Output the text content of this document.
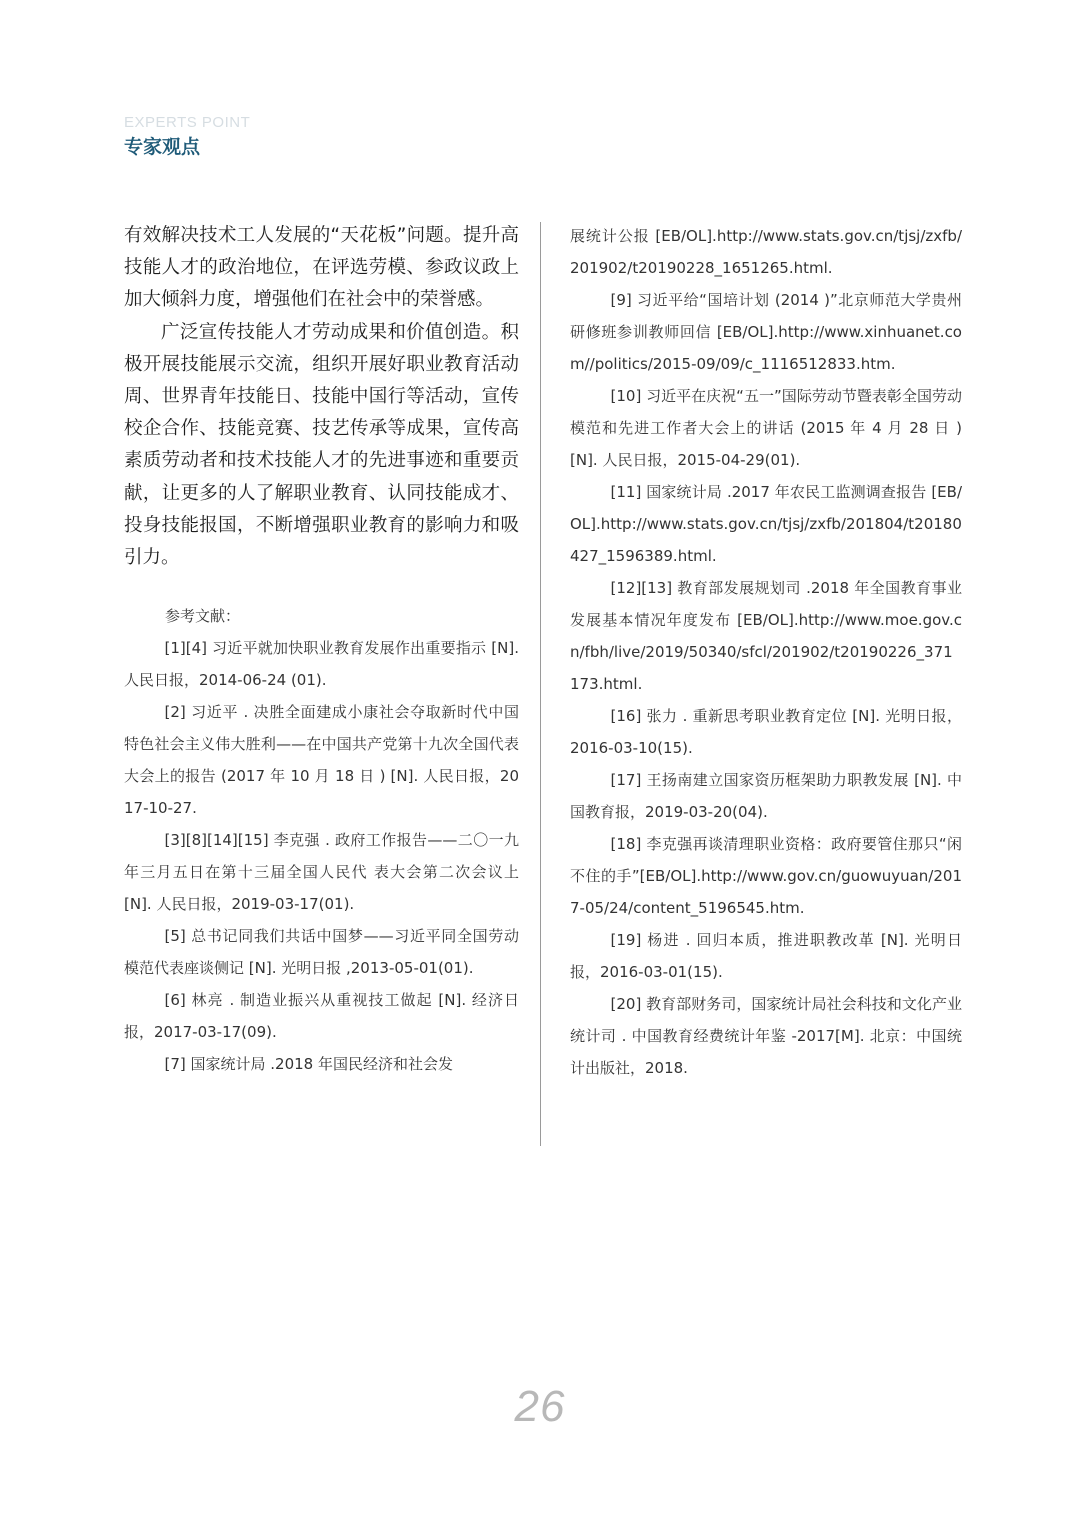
EXPERTS POINT
专家观点

有效解决技术工人发展的“天花板”问题。提升高技能人才的政治地位，在评选劳模、参政议政上加大倾斜力度，增强他们在社会中的荣誉感。

广泛宣传技能人才劳动成果和价值创造。积极开展技能展示交流，组织开展好职业教育活动周、世界青年技能日、技能中国行等活动，宣传校企合作、技能竞赛、技艺传承等成果，宣传高素质劳动者和技术技能人才的先进事迹和重要贡献，让更多的人了解职业教育、认同技能成才、投身技能报国，不断增强职业教育的影响力和吸引力。

参考文献：

[1][4] 习近平就加快职业教育发展作出重要指示 [N]. 人民日报，2014-06-24 (01).

[2] 习近平 . 决胜全面建成小康社会夺取新时代中国特色社会主义伟大胜利——在中国共产党第十九次全国代表大会上的报告 (2017 年 10 月 18 日 ) [N]. 人民日报，2017-10-27.

[3][8][14][15] 李克强 . 政府工作报告——二〇一九年三月五日在第十三届全国人民代 表大会第二次会议上 [N]. 人民日报，2019-03-17(01).

[5] 总书记同我们共话中国梦——习近平同全国劳动模范代表座谈侧记 [N]. 光明日报 ,2013-05-01(01).

[6] 林亮 . 制造业振兴从重视技工做起 [N]. 经济日报，2017-03-17(09).

[7] 国家统计局 .2018 年国民经济和社会发

展统计公报 [EB/OL].http://www.stats.gov.cn/tjsj/zxfb/201902/t20190228_1651265.html.

[9] 习近平给“国培计划 (2014 )”北京师范大学贵州研修班参训教师回信 [EB/OL].http://www.xinhuanet.com//politics/2015-09/09/c_1116512833.htm.

[10] 习近平在庆祝“五一”国际劳动节暨表彰全国劳动模范和先进工作者大会上的讲话 (2015 年 4 月 28 日 )[N]. 人民日报，2015-04-29(01).

[11] 国家统计局 .2017 年农民工监测调查报告 [EB/OL].http://www.stats.gov.cn/tjsj/zxfb/201804/t20180427_1596389.html.

[12][13] 教育部发展规划司 .2018 年全国教育事业发展基本情况年度发布 [EB/OL].http://www.moe.gov.cn/fbh/live/2019/50340/sfcl/201902/t20190226_371173.html.

[16] 张力 . 重新思考职业教育定位 [N]. 光明日报，2016-03-10(15).

[17] 王扬南建立国家资历框架助力职教发展 [N]. 中国教育报，2019-03-20(04).

[18] 李克强再谈清理职业资格：政府要管住那只“闲不住的手”[EB/OL].http://www.gov.cn/guowuyuan/2017-05/24/content_5196545.htm.

[19] 杨进 . 回归本质，推进职教改革 [N]. 光明日报，2016-03-01(15).

[20] 教育部财务司，国家统计局社会科技和文化产业统计司 . 中国教育经费统计年鉴 -2017[M]. 北京：中国统计出版社，2018.

26
